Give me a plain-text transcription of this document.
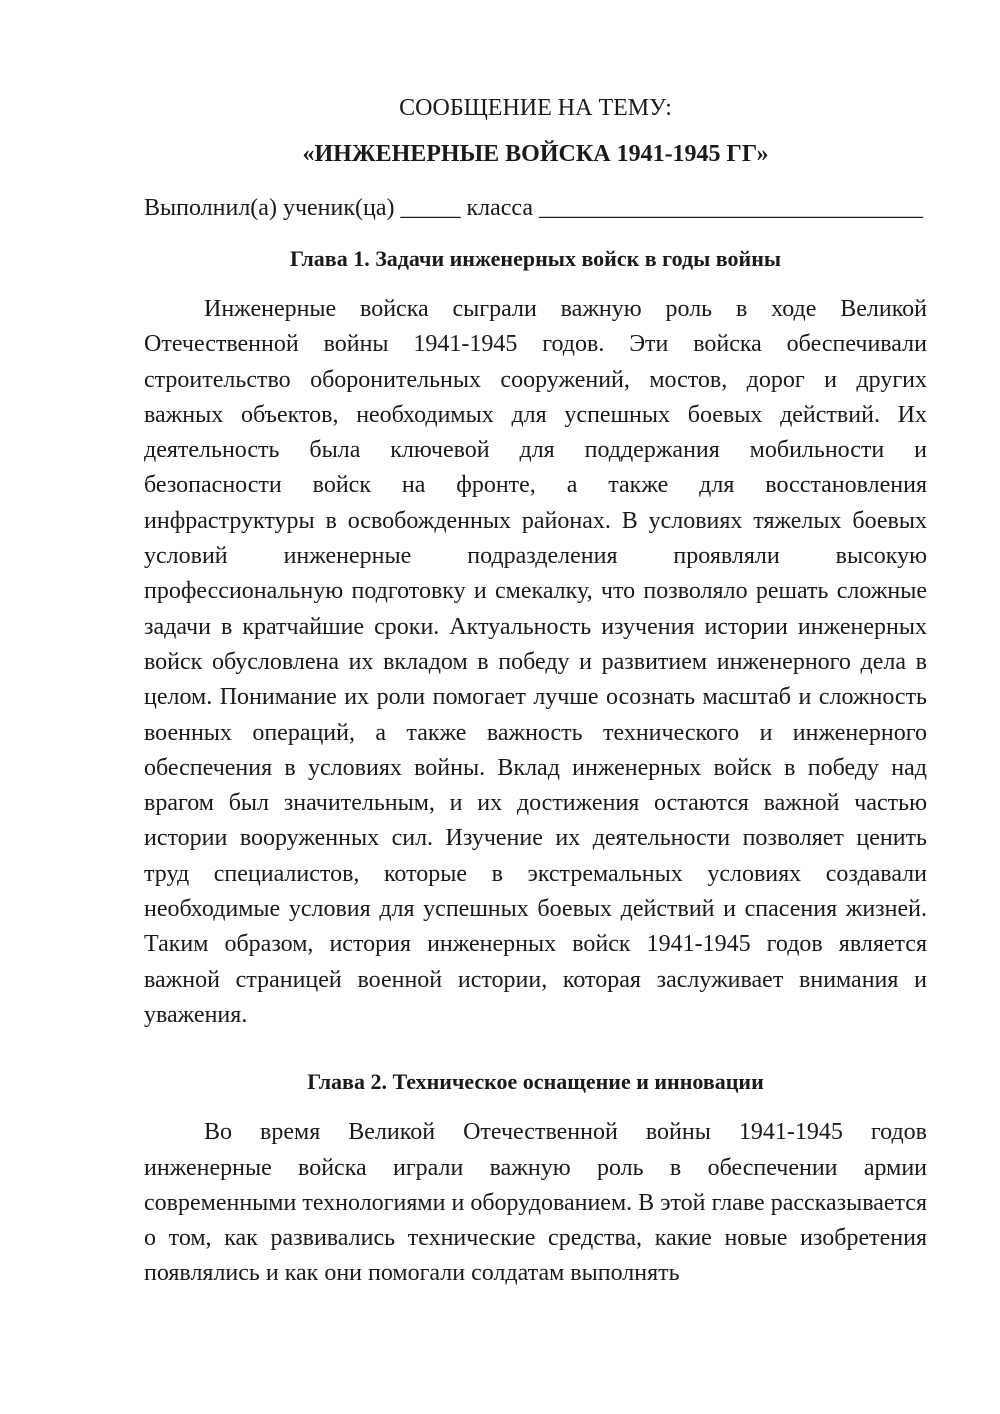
СООБЩЕНИЕ НА ТЕМУ:

«ИНЖЕНЕРНЫЕ ВОЙСКА 1941-1945 ГГ»

Выполнил(а) ученик(ца) _____ класса ________________________________

Глава 1. Задачи инженерных войск в годы войны

Инженерные войска сыграли важную роль в ходе Великой Отечественной войны 1941-1945 годов. Эти войска обеспечивали строительство оборонительных сооружений, мостов, дорог и других важных объектов, необходимых для успешных боевых действий. Их деятельность была ключевой для поддержания мобильности и безопасности войск на фронте, а также для восстановления инфраструктуры в освобожденных районах. В условиях тяжелых боевых условий инженерные подразделения проявляли высокую профессиональную подготовку и смекалку, что позволяло решать сложные задачи в кратчайшие сроки. Актуальность изучения истории инженерных войск обусловлена их вкладом в победу и развитием инженерного дела в целом. Понимание их роли помогает лучше осознать масштаб и сложность военных операций, а также важность технического и инженерного обеспечения в условиях войны. Вклад инженерных войск в победу над врагом был значительным, и их достижения остаются важной частью истории вооруженных сил. Изучение их деятельности позволяет ценить труд специалистов, которые в экстремальных условиях создавали необходимые условия для успешных боевых действий и спасения жизней. Таким образом, история инженерных войск 1941-1945 годов является важной страницей военной истории, которая заслуживает внимания и уважения.

Глава 2. Техническое оснащение и инновации

Во время Великой Отечественной войны 1941-1945 годов инженерные войска играли важную роль в обеспечении армии современными технологиями и оборудованием. В этой главе рассказывается о том, как развивались технические средства, какие новые изобретения появлялись и как они помогали солдатам выполнять
